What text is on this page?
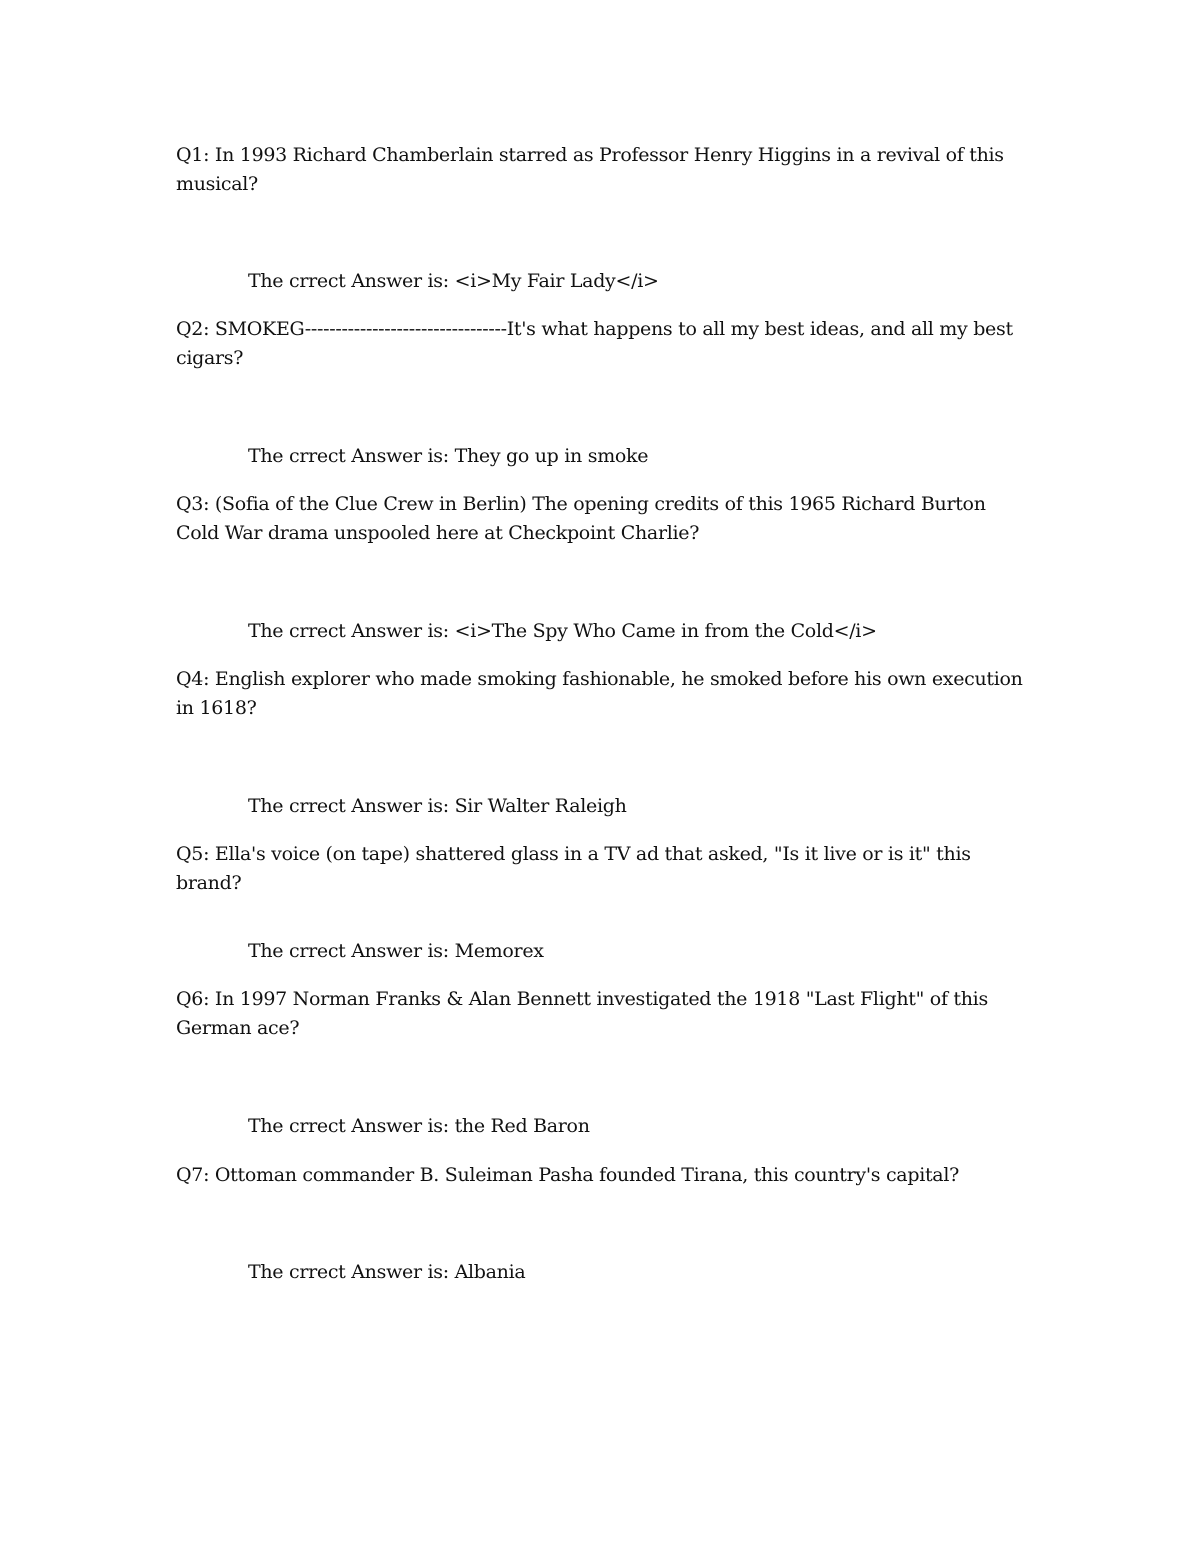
Q1: In 1993 Richard Chamberlain starred as Professor Henry Higgins in a revival of this musical?

The crrect Answer is: <i>My Fair Lady</i>

Q2: SMOKEG---------------------------------It's what happens to all my best ideas, and all my best cigars?

The crrect Answer is: They go up in smoke

Q3: (Sofia of the Clue Crew in Berlin) The opening credits of this 1965 Richard Burton Cold War drama unspooled here at Checkpoint Charlie?

The crrect Answer is: <i>The Spy Who Came in from the Cold</i>

Q4: English explorer who made smoking fashionable, he smoked before his own execution in 1618?

The crrect Answer is: Sir Walter Raleigh

Q5: Ella's voice (on tape) shattered glass in a TV ad that asked, "Is it live or is it" this brand?

The crrect Answer is: Memorex

Q6: In 1997 Norman Franks & Alan Bennett investigated the 1918 "Last Flight" of this German ace?

The crrect Answer is: the Red Baron

Q7: Ottoman commander B. Suleiman Pasha founded Tirana, this country's capital?

The crrect Answer is: Albania
